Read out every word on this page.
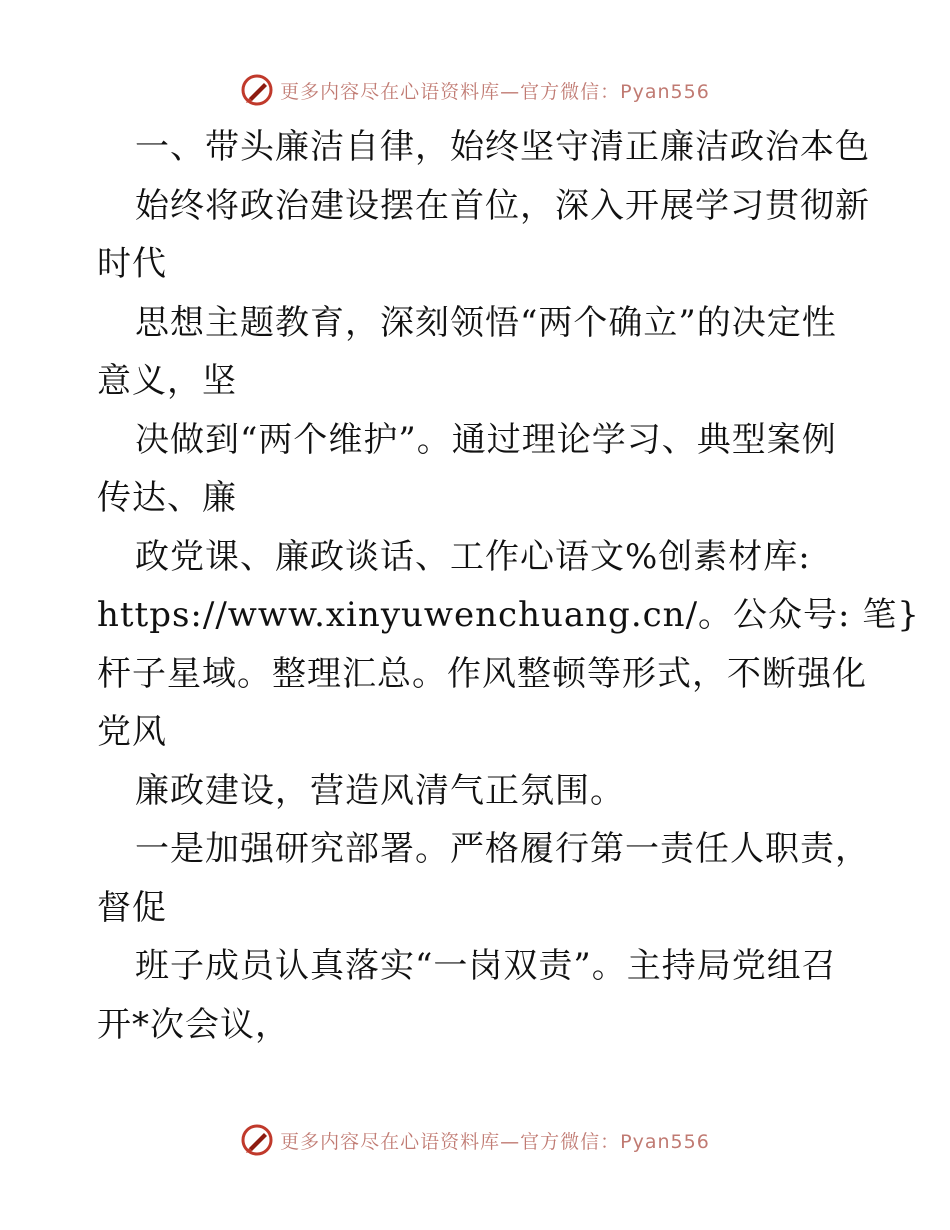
更多内容尽在心语资料库—官方微信：Pyan556
一、带头廉洁自律，始终坚守清正廉洁政治本色
始终将政治建设摆在首位，深入开展学习贯彻新
时代
思想主题教育，深刻领悟“两个确立”的决定性
意义，坚
决做到“两个维护”。通过理论学习、典型案例
传达、廉
政党课、廉政谈话、工作心语文%创素材库:
https://www.xinyuwenchuang.cn/。公众号: 笔}
杆子星域。整理汇总。作风整顿等形式，不断强化
党风
廉政建设，营造风清气正氛围。
一是加强研究部署。严格履行第一责任人职责，
督促
班子成员认真落实“一岗双责”。主持局党组召
开*次会议，
更多内容尽在心语资料库—官方微信：Pyan556
